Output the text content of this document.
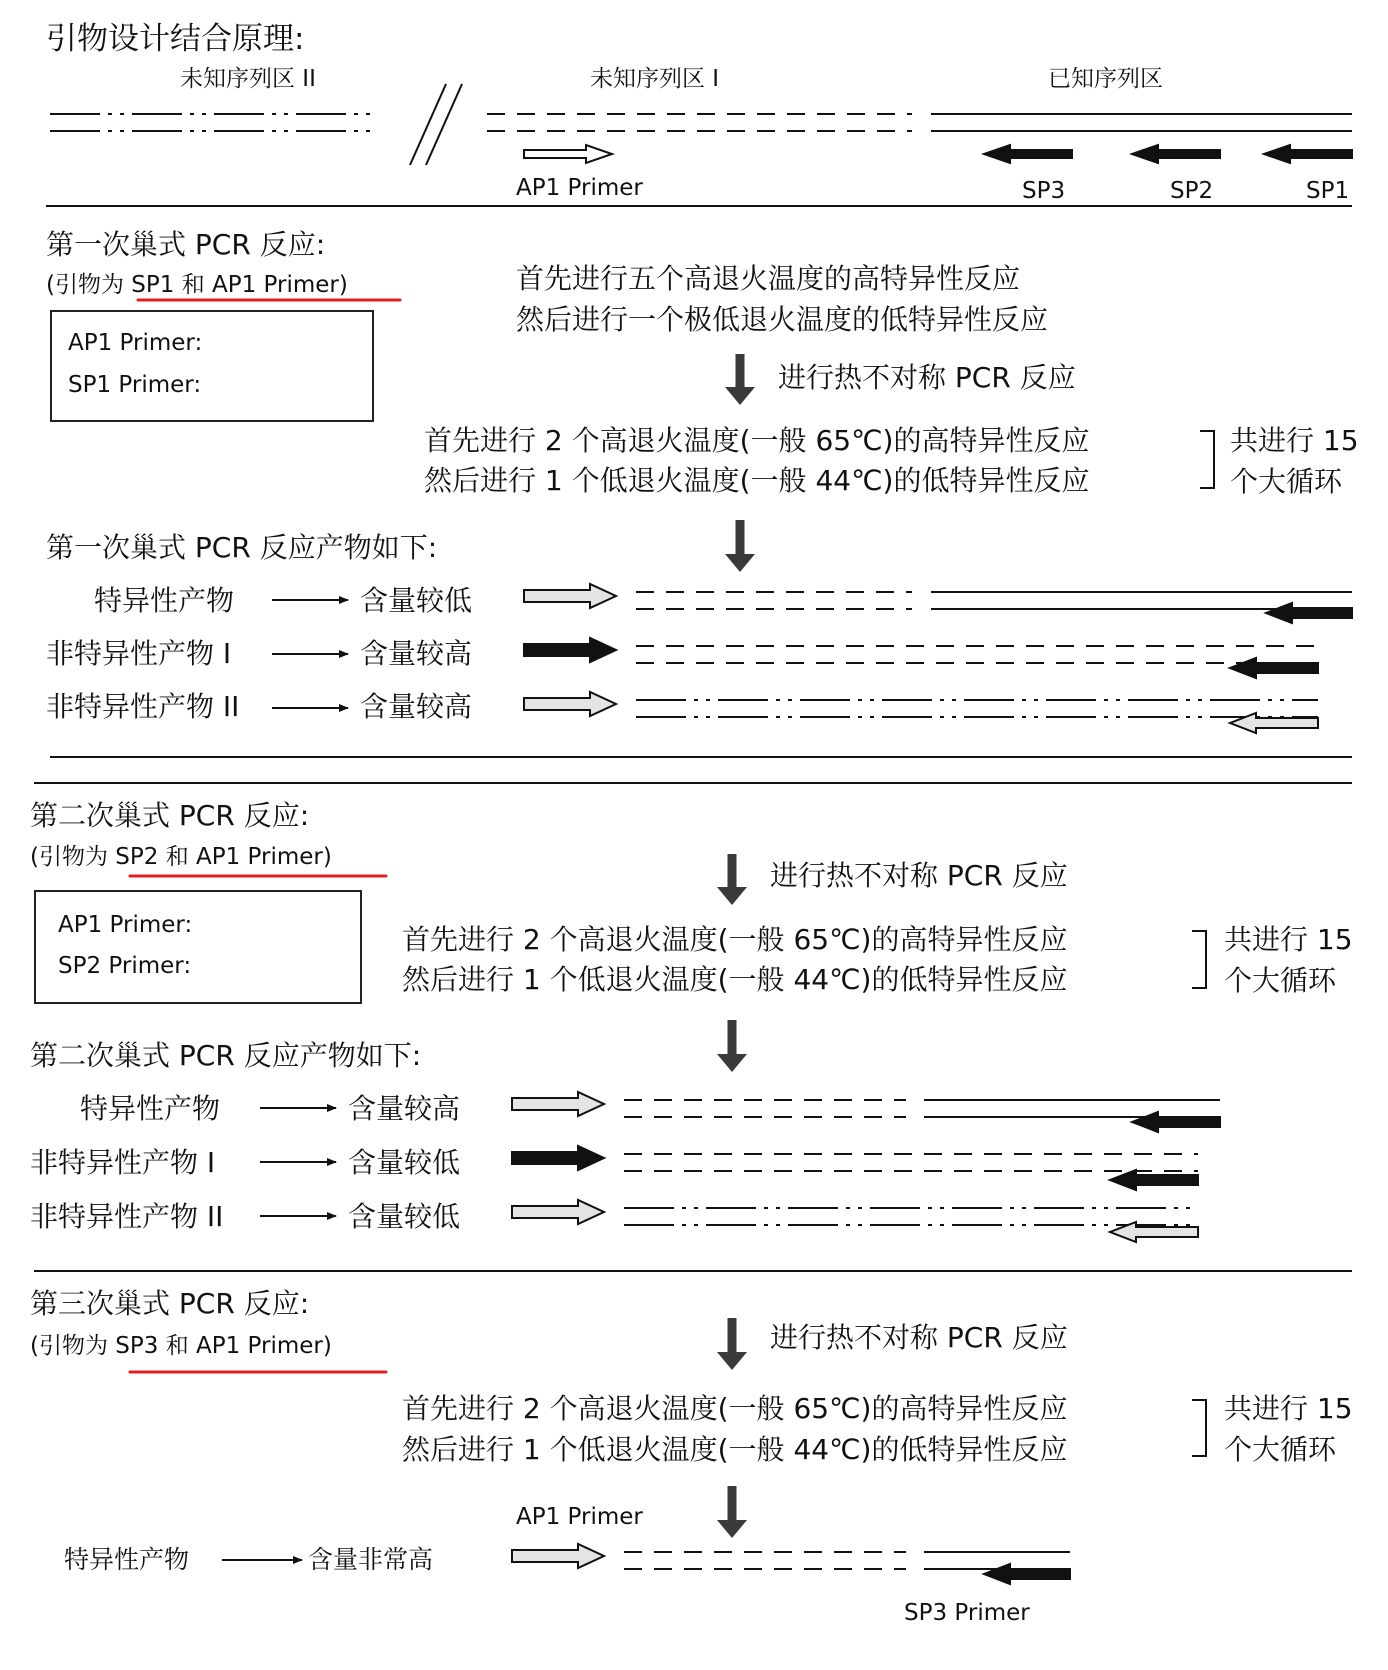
引物设计结合原理:
未知序列区 II	未知序列区 I	已知序列区
AP1 Primer	SP3	SP2	SP1
第一次巢式 PCR 反应:
(引物为 SP1 和 AP1 Primer)
AP1 Primer:
SP1 Primer:
首先进行五个高退火温度的高特异性反应
然后进行一个极低退火温度的低特异性反应
进行热不对称 PCR 反应
首先进行 2 个高退火温度(一般 65℃)的高特异性反应
然后进行 1 个低退火温度(一般 44℃)的低特异性反应
共进行 15
个大循环
第一次巢式 PCR 反应产物如下:
特异性产物	含量较低
非特异性产物 I	含量较高
非特异性产物 II	含量较高
第二次巢式 PCR 反应:
(引物为 SP2 和 AP1 Primer)
AP1 Primer:
SP2 Primer:
进行热不对称 PCR 反应
首先进行 2 个高退火温度(一般 65℃)的高特异性反应
然后进行 1 个低退火温度(一般 44℃)的低特异性反应
共进行 15
个大循环
第二次巢式 PCR 反应产物如下:
特异性产物	含量较高
非特异性产物 I	含量较低
非特异性产物 II	含量较低
第三次巢式 PCR 反应:
(引物为 SP3 和 AP1 Primer)	进行热不对称 PCR 反应
首先进行 2 个高退火温度(一般 65℃)的高特异性反应
然后进行 1 个低退火温度(一般 44℃)的低特异性反应
共进行 15
个大循环
AP1 Primer
特异性产物	含量非常高
SP3 Primer
